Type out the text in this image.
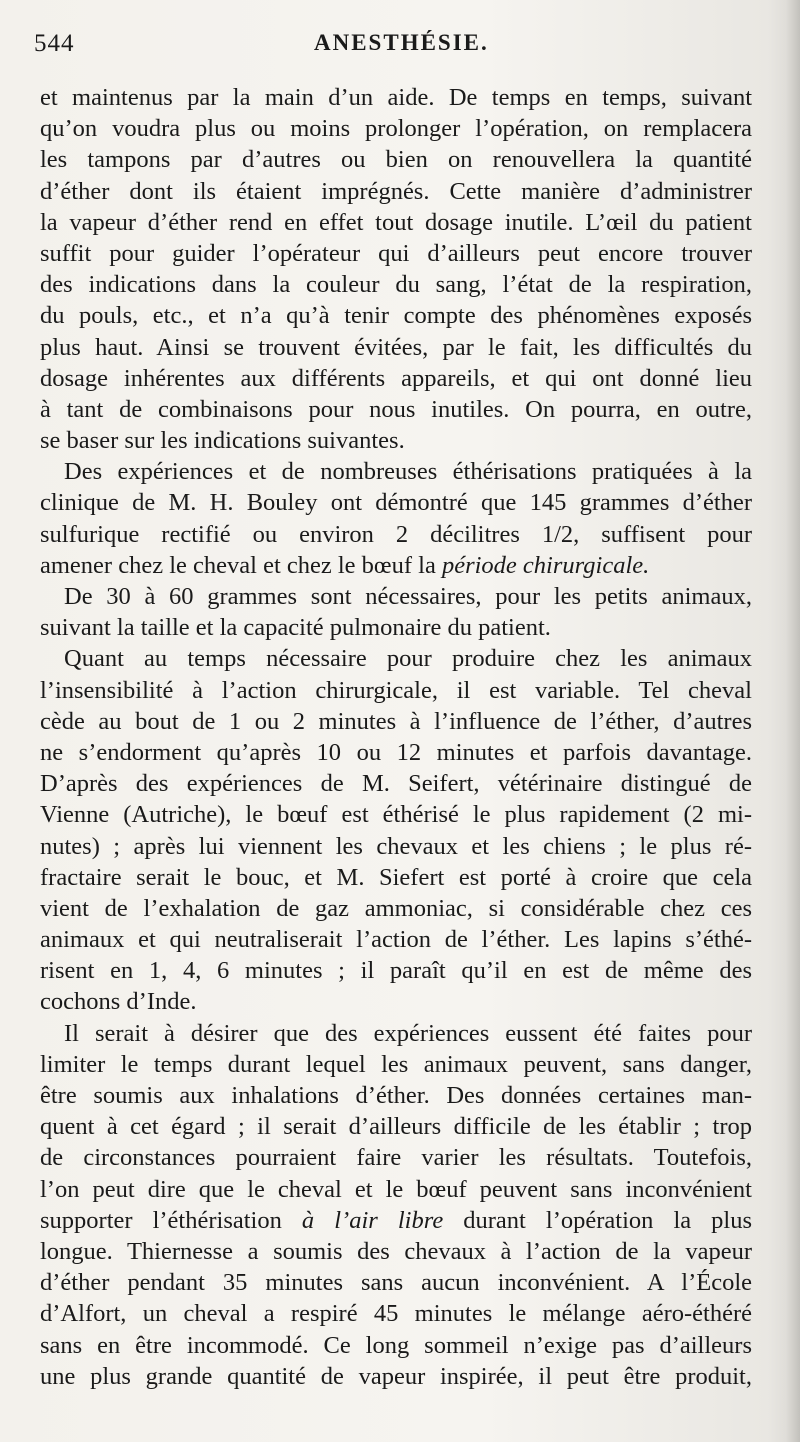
544	ANESTHÉSIE.
et maintenus par la main d’un aide. De temps en temps, suivant
qu’on voudra plus ou moins prolonger l’opération, on remplacera
les tampons par d’autres ou bien on renouvellera la quantité
d’éther dont ils étaient imprégnés. Cette manière d’administrer
la vapeur d’éther rend en effet tout dosage inutile. L’œil du patient
suffit pour guider l’opérateur qui d’ailleurs peut encore trouver
des indications dans la couleur du sang, l’état de la respiration,
du pouls, etc., et n’a qu’à tenir compte des phénomènes exposés
plus haut. Ainsi se trouvent évitées, par le fait, les difficultés du
dosage inhérentes aux différents appareils, et qui ont donné lieu
à tant de combinaisons pour nous inutiles. On pourra, en outre,
se baser sur les indications suivantes.
Des expériences et de nombreuses éthérisations pratiquées à la
clinique de M. H. Bouley ont démontré que 145 grammes d’éther
sulfurique rectifié ou environ 2 décilitres 1/2, suffisent pour
amener chez le cheval et chez le bœuf la période chirurgicale.
De 30 à 60 grammes sont nécessaires, pour les petits animaux,
suivant la taille et la capacité pulmonaire du patient.
Quant au temps nécessaire pour produire chez les animaux
l’insensibilité à l’action chirurgicale, il est variable. Tel cheval
cède au bout de 1 ou 2 minutes à l’influence de l’éther, d’autres
ne s’endorment qu’après 10 ou 12 minutes et parfois davantage.
D’après des expériences de M. Seifert, vétérinaire distingué de
Vienne (Autriche), le bœuf est éthérisé le plus rapidement (2 mi-
nutes) ; après lui viennent les chevaux et les chiens ; le plus ré-
fractaire serait le bouc, et M. Siefert est porté à croire que cela
vient de l’exhalation de gaz ammoniac, si considérable chez ces
animaux et qui neutraliserait l’action de l’éther. Les lapins s’éthé-
risent en 1, 4, 6 minutes ; il paraît qu’il en est de même des
cochons d’Inde.
Il serait à désirer que des expériences eussent été faites pour
limiter le temps durant lequel les animaux peuvent, sans danger,
être soumis aux inhalations d’éther. Des données certaines man-
quent à cet égard ; il serait d’ailleurs difficile de les établir ; trop
de circonstances pourraient faire varier les résultats. Toutefois,
l’on peut dire que le cheval et le bœuf peuvent sans inconvénient
supporter l’éthérisation à l’air libre durant l’opération la plus
longue. Thiernesse a soumis des chevaux à l’action de la vapeur
d’éther pendant 35 minutes sans aucun inconvénient. A l’École
d’Alfort, un cheval a respiré 45 minutes le mélange aéro-éthéré
sans en être incommodé. Ce long sommeil n’exige pas d’ailleurs
une plus grande quantité de vapeur inspirée, il peut être produit,
